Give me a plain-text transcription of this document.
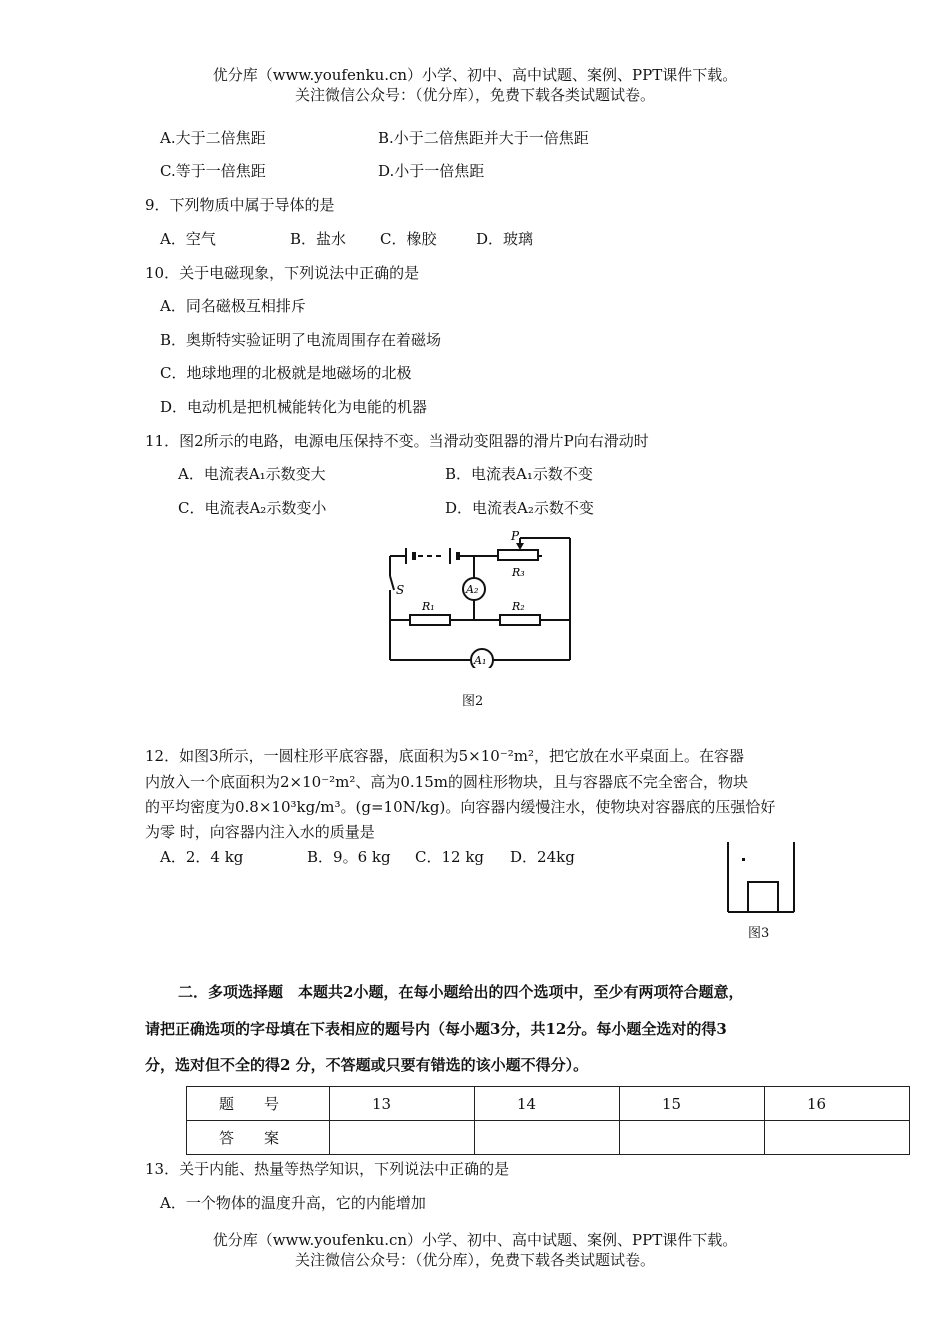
优分库（www.youfenku.cn）小学、初中、高中试题、案例、PPT课件下载。
关注微信公众号：（优分库），免费下载各类试题试卷。
A.大于二倍焦距	B.小于二倍焦距并大于一倍焦距
C.等于一倍焦距	D.小于一倍焦距
9．下列物质中属于导体的是
A．空气	B．盐水 C．橡胶	D．玻璃
10．关于电磁现象，下列说法中正确的是
A．同名磁极互相排斥
B．奥斯特实验证明了电流周围存在着磁场
C．地球地理的北极就是地磁场的北极
D．电动机是把机械能转化为电能的机器
11．图2所示的电路，电源电压保持不变。当滑动变阻器的滑片P向右滑动时
A．电流表A₁示数变大	B．电流表A₁示数不变
C．电流表A₂示数变小	D．电流表A₂示数不变
P
R₃
S
R₁	R₂
A₂
A₁
图2
12．如图3所示，一圆柱形平底容器，底面积为5×10⁻²m²，把它放在水平桌面上。在容器
内放入一个底面积为2×10⁻²m²、高为0.15m的圆柱形物块，且与容器底不完全密合，物块
的平均密度为0.8×10³kg/m³。(g=10N/kg)。向容器内缓慢注水，使物块对容器底的压强恰好
为零 时，向容器内注入水的质量是
A．2．4 kg	B．9。6 kg C．12 kg D．24kg
图3
二．多项选择题　本题共2小题，在每小题给出的四个选项中，至少有两项符合题意，
请把正确选项的字母填在下表相应的题号内（每小题3分，共12分。每小题全选对的得3
分，选对但不全的得2 分，不答题或只要有错选的该小题不得分）。
题　　号	13	14	15	16
答　　案				
13．关于内能、热量等热学知识，下列说法中正确的是
A．一个物体的温度升高，它的内能增加
优分库（www.youfenku.cn）小学、初中、高中试题、案例、PPT课件下载。
关注微信公众号：（优分库），免费下载各类试题试卷。
